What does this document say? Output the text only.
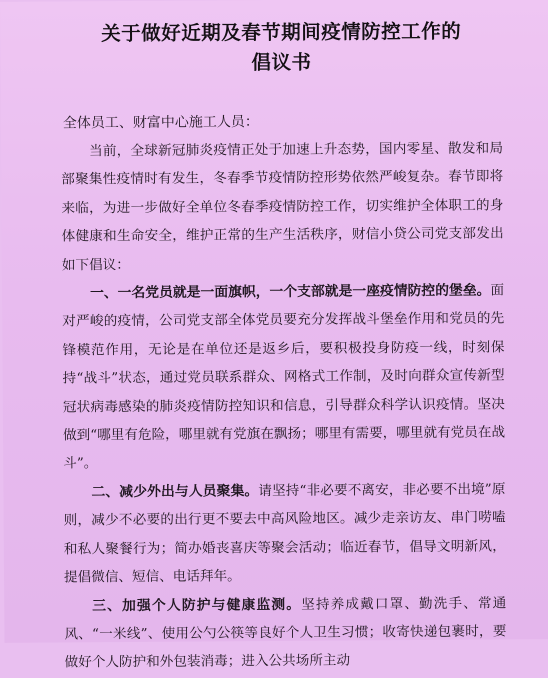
关于做好近期及春节期间疫情防控工作的
倡议书
全体员工、财富中心施工人员：

当前，全球新冠肺炎疫情正处于加速上升态势，国内零星、散发和局部聚集性疫情时有发生，冬春季节疫情防控形势依然严峻复杂。春节即将来临，为进一步做好全单位冬春季疫情防控工作，切实维护全体职工的身体健康和生命安全，维护正常的生产生活秩序，财信小贷公司党支部发出如下倡议：

一、一名党员就是一面旗帜，一个支部就是一座疫情防控的堡垒。面对严峻的疫情，公司党支部全体党员要充分发挥战斗堡垒作用和党员的先锋模范作用，无论是在单位还是返乡后，要积极投身防疫一线，时刻保持“战斗”状态，通过党员联系群众、网格式工作制，及时向群众宣传新型冠状病毒感染的肺炎疫情防控知识和信息，引导群众科学认识疫情。坚决做到“哪里有危险，哪里就有党旗在飘扬；哪里有需要，哪里就有党员在战斗”。

二、减少外出与人员聚集。请坚持“非必要不离安，非必要不出境”原则，减少不必要的出行更不要去中高风险地区。减少走亲访友、串门唠嗑和私人聚餐行为；简办婚丧喜庆等聚会活动；临近春节，倡导文明新风，提倡微信、短信、电话拜年。

三、加强个人防护与健康监测。坚持养成戴口罩、勤洗手、常通风、“一米线”、使用公勺公筷等良好个人卫生习惯；收寄快递包裹时，要做好个人防护和外包装消毒；进入公共场所主动
